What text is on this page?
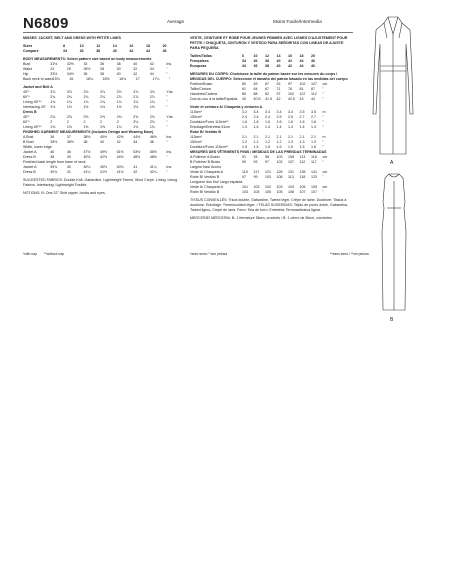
N6809	Average	Moins Facile/Intermedia
MISSES' JACKET, BELT AND DRESS WITH PETITE LINES
Sizes	8	10	12	14	16	18	20
Compare	34	36	38	40	42	44	46
BODY MEASUREMENTS: Select pattern size based on body measurements
Bust	31½	32½	34	36	38	40	42	Ins.
Waist	24	25	26½	28	30	32	34	"
Hip	33½	34½	36	38	40	42	44	"
Back neck to waist 15¾	16	16¼	16½	16¾	17	17¼	"
Jacket and Belt A
45"*	3⅞	3⅞	3⅞	3⅞	3⅞	3⅞	3⅞	Yds.
60"*	2¾	2¾	2¾	2¾	2⅞	2⅞	2⅞	"
Lining 45"**	1¾	1¾	1¾	1¾	1¾	1¾	1¾	"
Interfacing 20"	1½	1½	1½	1½	1½	1½	1½	"
Dress B
45"*	2⅝	2⅝	2⅝	2⅝	2⅝	2⅝	2¾	Yds.
60"*	2	2	2	2	2	2⅛	2⅛	"
Lining 45"**	1⅝	1⅝	1⅝	1⅝	1¾	1¾	1¾	"
FINISHED GARMENT MEASUREMENTS (Includes Design and Wearing Ease)
A Bust	36	37	38½	40½	42½	44½	46½	Ins.
B Bust	35½	36½	38	40	42	44	46	"
Width, lower edge
Jacket A	45	46	47½	49½	51½	53½	55½	Ins.
Dress B	38	39	40½	42½	44½	46½	48½	"
Finished back length from base of neck
Jacket A	39¾	40	40¼	40½	40¾	41	41¼	Ins.
Dress B	40¾	41	41¼	41½	41¾	42	42¼	"
SUGGESTED FABRICS: Double Knit, Gabardine, Lightweight Tweed, Wool Crepe. Lining: Lining Fabrics. Interfacing: Lightweight Fusible.
NOTIONS: B: One 22" Skirt zipper, hooks and eyes.
*with nap **without nap
VESTE, CEINTURE ET ROBE POUR JEUNES FEMMES AVEC LIGNES D'AJUSTEMENT POUR PETITE / CHAQUETA, CINTURON Y VESTIDO PARA SEÑORITAS CON LINEAS DE AJUSTE PARA PEQUEÑA
Tailles/Tallas	6	10	12	14	16	18	20
Françaises	34	36	38	40	42	44	46
Europeas	34	36	38	40	42	44	46
MESURES DU CORPS: Choisissez la taille du patron basée sur les mesures du corps / MEDIDAS DEL CUERPO: Seleccione el tamaño del patrón basado en las medidas del cuerpo
Poitrine/Busto	80	83	87	92	97	102	107	cm
Taille/Cintura	61	64	67	71	76	81	87	"
Hanches/Cadera	85	88	92	97	102	107	112	"
Dos du cou à la taille/Espalda	40	40.5	41.5	42	42.5	43	44	"
Veste et ceinture A/ Chaqueta y cinturón A
115cm*	3.2	3.4	3.4	3.4	3.4	3.5	3.5	m
150cm*	2.4	2.4	2.4	2.5	2.6	2.7	2.7	"
Doublure/Forro 115cm**	1.6	1.6	1.6	1.6	1.6	1.6	1.6	"
Entoilage/Entretela 51cm	1.3	1.4	1.4	1.4	1.4	1.4	1.4	"
Robe B/ Vestido B
115cm*	2.1	2.1	2.1	2.1	2.1	2.1	2.1	m
150cm*	1.2	1.2	1.2	1.2	1.3	1.3	1.3	"
Doublure/Forro 115cm**	1.5	1.5	1.5	1.5	1.5	1.5	1.6	"
MESURES DES VÊTEMENTS FINIS / MEDIDAS DE LAS PRENDAS TERMINADAS
A Poitrine/ A Busto	91	94	98	103	108	113	118	cm
B Poitrine/ B Busto	90	93	97	102	107	112	117	"
Largeur bas/ Ancho
Veste A/ Chaqueta A	115	117	121	126	131	136	141	cm
Robe B/ Vestido B	97	99	103	108	113	118	123	"
Longueur dos fini/ Largo espalda
Veste A/ Chaqueta A	101	102	102	103	104	105	105	cm
Robe B/ Vestido B	103	104	105	105	106	107	107	"
TISSUS CONSEILLÉS: Tricot double, Gabardine, Tweed léger, Crêpe de laine. Doublure: Tissus à doublure. Entoilage: Thermocollant léger. / TELAS SUGERIDAS: Tejido de punto doble, Gabardina, Tweed ligero, Crepe de lana. Forro: Tela de forro. Entretela: Termoadhesiva ligera.
MERCERIE/ MERCERIA: B: 1 fermeture 56cm, crochets / B: 1 cierre de 56cm, corchetes
*avec sens / *con pelusa	**sans sens / **sin pelusa
A
B
